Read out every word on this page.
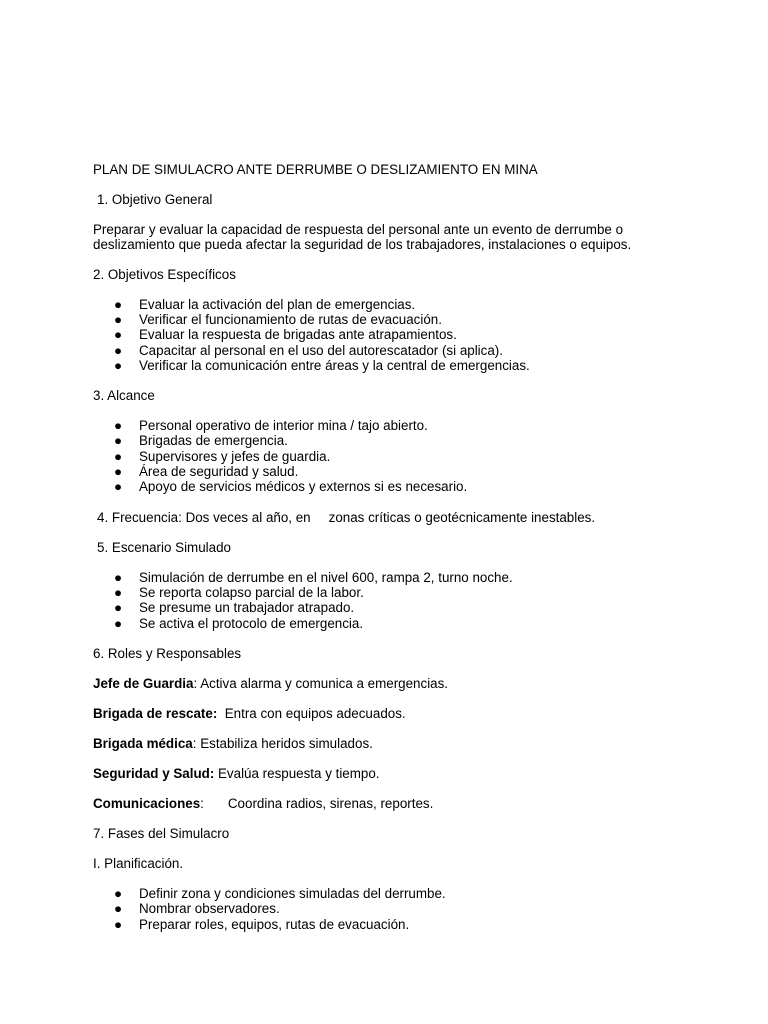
PLAN DE SIMULACRO ANTE DERRUMBE O DESLIZAMIENTO EN MINA
1. Objetivo General
Preparar y evaluar la capacidad de respuesta del personal ante un evento de derrumbe o
deslizamiento que pueda afectar la seguridad de los trabajadores, instalaciones o equipos.
2. Objetivos Específicos
● Evaluar la activación del plan de emergencias.
● Verificar el funcionamiento de rutas de evacuación.
● Evaluar la respuesta de brigadas ante atrapamientos.
● Capacitar al personal en el uso del autorescatador (si aplica).
● Verificar la comunicación entre áreas y la central de emergencias.
3. Alcance
● Personal operativo de interior mina / tajo abierto.
● Brigadas de emergencia.
● Supervisores y jefes de guardia.
● Área de seguridad y salud.
● Apoyo de servicios médicos y externos si es necesario.
4. Frecuencia: Dos veces al año, en zonas críticas o geotécnicamente inestables.
5. Escenario Simulado
● Simulación de derrumbe en el nivel 600, rampa 2, turno noche.
● Se reporta colapso parcial de la labor.
● Se presume un trabajador atrapado.
● Se activa el protocolo de emergencia.
6. Roles y Responsables
Jefe de Guardia: Activa alarma y comunica a emergencias.
Brigada de rescate:  Entra con equipos adecuados.
Brigada médica: Estabiliza heridos simulados.
Seguridad y Salud: Evalúa respuesta y tiempo.
Comunicaciones: Coordina radios, sirenas, reportes.
7. Fases del Simulacro
I. Planificación.
● Definir zona y condiciones simuladas del derrumbe.
● Nombrar observadores.
● Preparar roles, equipos, rutas de evacuación.
